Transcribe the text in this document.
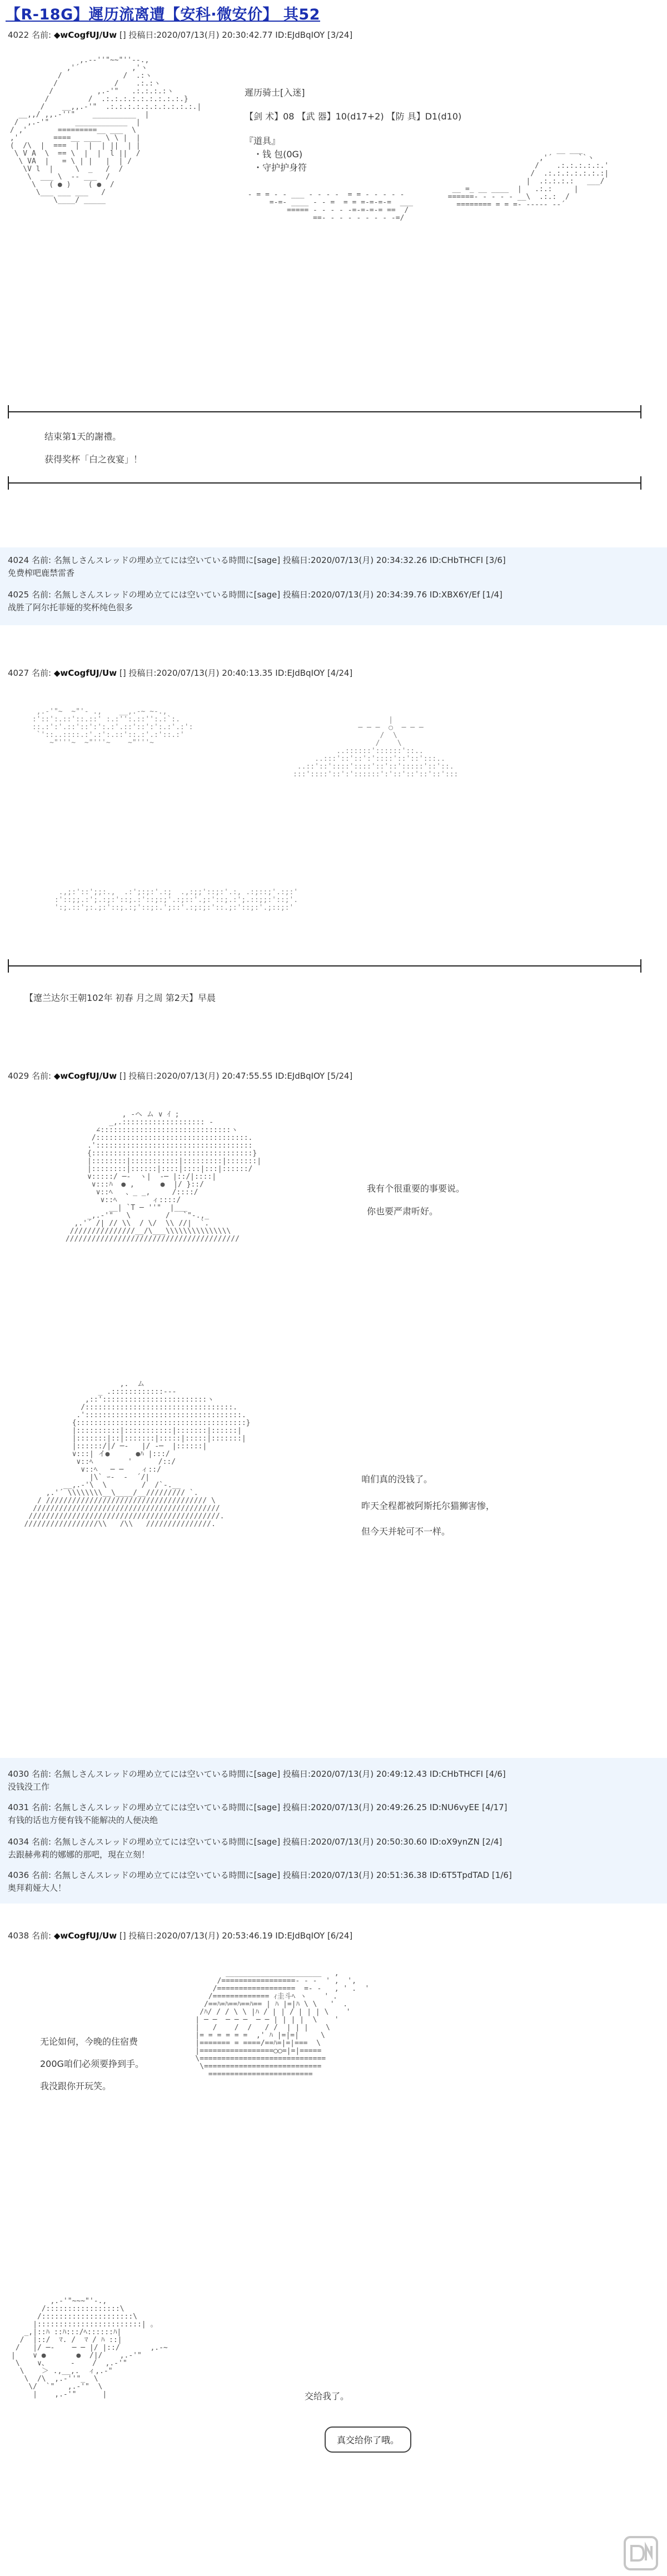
【R-18G】遲历流离遭【安科·微安价】 其52
4022 名前: ◆wCogfUJ/Uw [] 投稿日:2020/07/13(月) 20:30:42.77 ID:EJdBqIOY [3/24]

,.-‐''"~~"''‐-.,
,'´            ,'ヽ
/              /  .:ヽ
/             /    .:.:ヽ
/          ,.-'"   .:.:.:.:ヽ
/         /  .:.:.:.:.:.:.:.:.:.}
/    __,,.-'"  .:.:.:.:.:.:.:.:.:.:.|
__,,/ ,,.-''"    __________  |
/  ,.-'"      ____________  |
/ ,'       =========__ ___  \
,'        ====__ ____ \ \ |  |
(  /\  |  ===  |  |  | ||  | |
\ V A  \  == \  |  |  l ||  /
\ VA  |   = \ | |   |  | /
\V l  |     \  _   /  /
\  ___ \  -- ___  /
\   ( ● )    ( ●  /
\___ ___ ___   /
\____/ _____

- = = - - ___ - - - -  = = - - - - -
=-=- ____ - - =  = = =-=-=-=  ___
===== - - - - -=-=-=-= ==  /
==- - - - - - - - -=/

__ ___
,'´      ``ヽ
/    .:.:.:.:.:.'
/  .:.:.:.:.:.:.:|
|  .:.:.:.:   ___/
__ =_ __ ____  |   .:.:     |
======- - - - - __\  .:.:  /
======== = = =- ----- --´

遲历骑士[入迷]
【剑 术】08 【武 器】10(d17+2) 【防 具】D1(d10)
『道具』
・钱 包(0G)
・守护护身符
结束第1天的謝禮。
获得奖杯「白之夜宴」！
4024 名前: 名無しさんスレッドの埋め立てには空いている時間に[sage] 投稿日:2020/07/13(月) 20:34:32.26 ID:CHbTHCFI [3/6]
免费榨吧鹿禁雷香
4025 名前: 名無しさんスレッドの埋め立てには空いている時間に[sage] 投稿日:2020/07/13(月) 20:34:39.76 ID:XBX6Y/Ef [1/4]
战胜了阿尔托菲娅的奖杯纯色很多
4027 名前: ◆wCogfUJ/Uw [] 投稿日:2020/07/13(月) 20:40:13.35 ID:EJdBqIOY [4/24]

,.-'"~  ~"'- .,    __,.-~ ~-.,
:'::':.::'::.::' :.:'':.::'':.:`:.
::.:':'.::'::':':.:'.::'::':':.:'.:':
`'::..::::.:'.:':.::'::.:'.:'::.:'
~"'''~  ~"'''~    ~"'''~

|
─ ─ ─  ○  ─ ─ ─
/  \
/    \
..::::::'::::::'::..
..:::'::'::':'::::'::'::':::..
..::'::'::::'::::'::'::':::::'::'::.
:::'::::'::':'::::::':'::'::'::'::':::

.,;:'::';;:.,  .:';:;:'.:;  .,:;;'::;:'.:, .:;::;'.:;:'
:'::;;.:';.:;:'::;.:'::;:;'.:;::'.;:'::;.:';.::;;:'::;'.
':;.::';:.;:'::;.:;'::;:.';::'.:;:;:'::.;:'::;:'.;::;:'

【遼兰达尔王朝102年 初春 月之周 第2天】早晨
4029 名前: ◆wCogfUJ/Uw [] 投稿日:2020/07/13(月) 20:47:55.55 ID:EJdBqIOY [5/24]

, -ヘ ム ∨ ｲ ;
_,.::::::::::::::::::: ‐
∠::::::::::::::::::::::::::::::ヽ
/:::::::::::::::::::::::::::::::::::.
.'::::::::::::::::::::::::::::::::::::
{:::::::::::::::::::::::::::::::::::::}
|::::::::|:::::::::::|:::::::::|:::::::|
|::::::::|::::::|::::|::::|:::|::::::/
∨:::::/ ─‐  ヽ|  ‐─ |::/|::::|
∨:::ﾊ  ● ,      ●  |/ }::/
∨::ﾍ   、_ _,     /::::/
∨::ﾍ        ィ::::/
__| `T ─ ''"  |___
_,.-'"   \        /   `"-.,_
,.'´ /| // \\  / \/  \\ //|  `.
///////////////__/\___\\\\\\\\\\\\\\\
////////////////////////////////////////

我有个很重要的事要说。
你也要严肃听好。

,.  ム
_ .::::::::::::-‐-
,::'::::::::::::::::::::::::ヽ
/::::::::::::::::::::::::::::::::::.
.'::::::::::::::::::::::::::::::::::::.
{:::::::::::::::::::::::::::::::::::::::}
|::::::::::|:::::::::::|:::::::|::::::|
|:::::::|::|:::::::|:::::|:::::|:::::::|
|::::::/|/ ─‐   |/ ‐─  |::::::|
∨:::| イ●      ●ﾊ |:::/
∨::ﾍ        '      /::/
∨::ﾍ   ─ ─    ィ::/
|\` ｰ-  ‐  ´/|
__,.-'\  \        /  /`-.__
,.'´ \\\\\\\\__\____/__///////// `.
/ ///////////////////////////////////// \
///////////////////////////////////////////
////////////////////////////////////////////.
/////////////////\\   /\\   ///////////////.

咱们真的没钱了。
昨天全程都被阿斯托尔猫狮害惨，
但今天并轮可不一样。
4030 名前: 名無しさんスレッドの埋め立てには空いている時間に[sage] 投稿日:2020/07/13(月) 20:49:12.43 ID:CHbTHCFI [4/6]
没钱没工作
4031 名前: 名無しさんスレッドの埋め立てには空いている時間に[sage] 投稿日:2020/07/13(月) 20:49:26.25 ID:NU6vyEE [4/17]
有钱的话也方便有钱不能解决的人便决绝
4034 名前: 名無しさんスレッドの埋め立てには空いている時間に[sage] 投稿日:2020/07/13(月) 20:50:30.60 ID:oX9ynZN [2/4]
去跟赫弗莉的娜娜的那吧，現在立刻！
4036 名前: 名無しさんスレッドの埋め立てには空いている時間に[sage] 投稿日:2020/07/13(月) 20:51:36.38 ID:6T5TpdTAD [1/6]
奥拜莉娅大人！
4038 名前: ◆wCogfUJ/Uw [] 投稿日:2020/07/13(月) 20:53:46.19 ID:EJdBqIOY [6/24]

______________________   ,
/=================- - -  ' ,  ',
/==================  =- -   , ' .  '
/============= ｨ圭斗ﾍ ヽ    ' .
/==ﾊ=ﾊ==ﾊ==ﾊ== | ﾊ |=|ﾊ \ \   '  .
/ﾊ/ / / \ \ |ﾊ / | | / | | | \    '
| ─ ─  ─ ─ ─  ─ ─ | | | |  \    '
|   /    /  /   / /  | | |    \
|= = = = = =  ,' ﾊ |=|=|     \
|======= = ====/==ﾊ=|=|===  \
|=================○○=|=|=====
\=============================
\===========================
========================

无论如何，今晚的住宿费
200G咱们必须要挣到手。
我没跟你开玩笑。

,.-'"~~~"'-.,
/:::::::::::::::::\
/:::::::::::::::::::::\
|::::::::::::::::::::::::| ｡
_,|::ﾊ ::ﾊ:::/ﾍ::::::ﾊ|
/  |::/  ﾏ. /  ﾏ / ﾊ ::|
/   |/ ─‐    ─ ─ |/ |::/       ,.-~
|    ∨ ●       ●  /|/    ,.-'"
\    ∨、     ‐    /  ,.-'"
\    ＞ .,__,.  ィ,.-"
\  /\  ,.-''"_  \
\/  `"   ,.-'"  \
|    ,.-'"      |	交给我了。
真交给你了哦。
